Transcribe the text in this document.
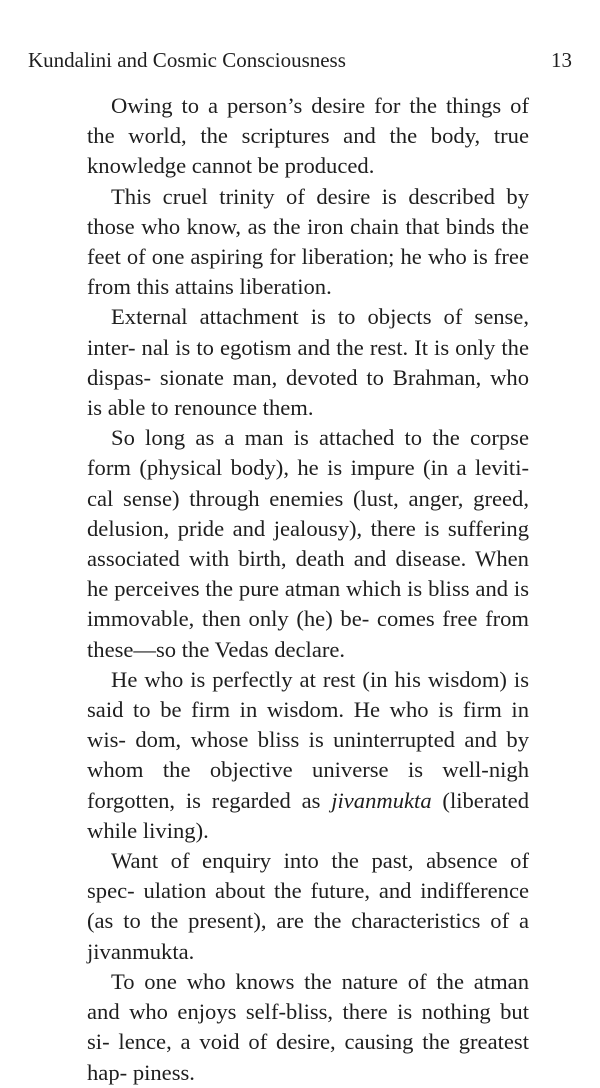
Kundalini and Cosmic Consciousness	13

Owing to a person’s desire for the things of the world, the scriptures and the body, true knowledge cannot be produced.

This cruel trinity of desire is described by those who know, as the iron chain that binds the feet of one aspiring for liberation; he who is free from this attains liberation.

External attachment is to objects of sense, inter- nal is to egotism and the rest. It is only the dispas- sionate man, devoted to Brahman, who is able to renounce them.

So long as a man is attached to the corpse form (physical body), he is impure (in a leviti-cal sense) through enemies (lust, anger, greed, delusion, pride and jealousy), there is suffering associated with birth, death and disease. When he perceives the pure atman which is bliss and is immovable, then only (he) be- comes free from these—so the Vedas declare.

He who is perfectly at rest (in his wisdom) is said to be firm in wisdom. He who is firm in wis- dom, whose bliss is uninterrupted and by whom the objective universe is well-nigh forgotten, is regarded as jivanmukta (liberated while living).

Want of enquiry into the past, absence of spec- ulation about the future, and indifference (as to the present), are the characteristics of a jivanmukta.

To one who knows the nature of the atman and who enjoys self-bliss, there is nothing but si- lence, a void of desire, causing the greatest hap- piness.
